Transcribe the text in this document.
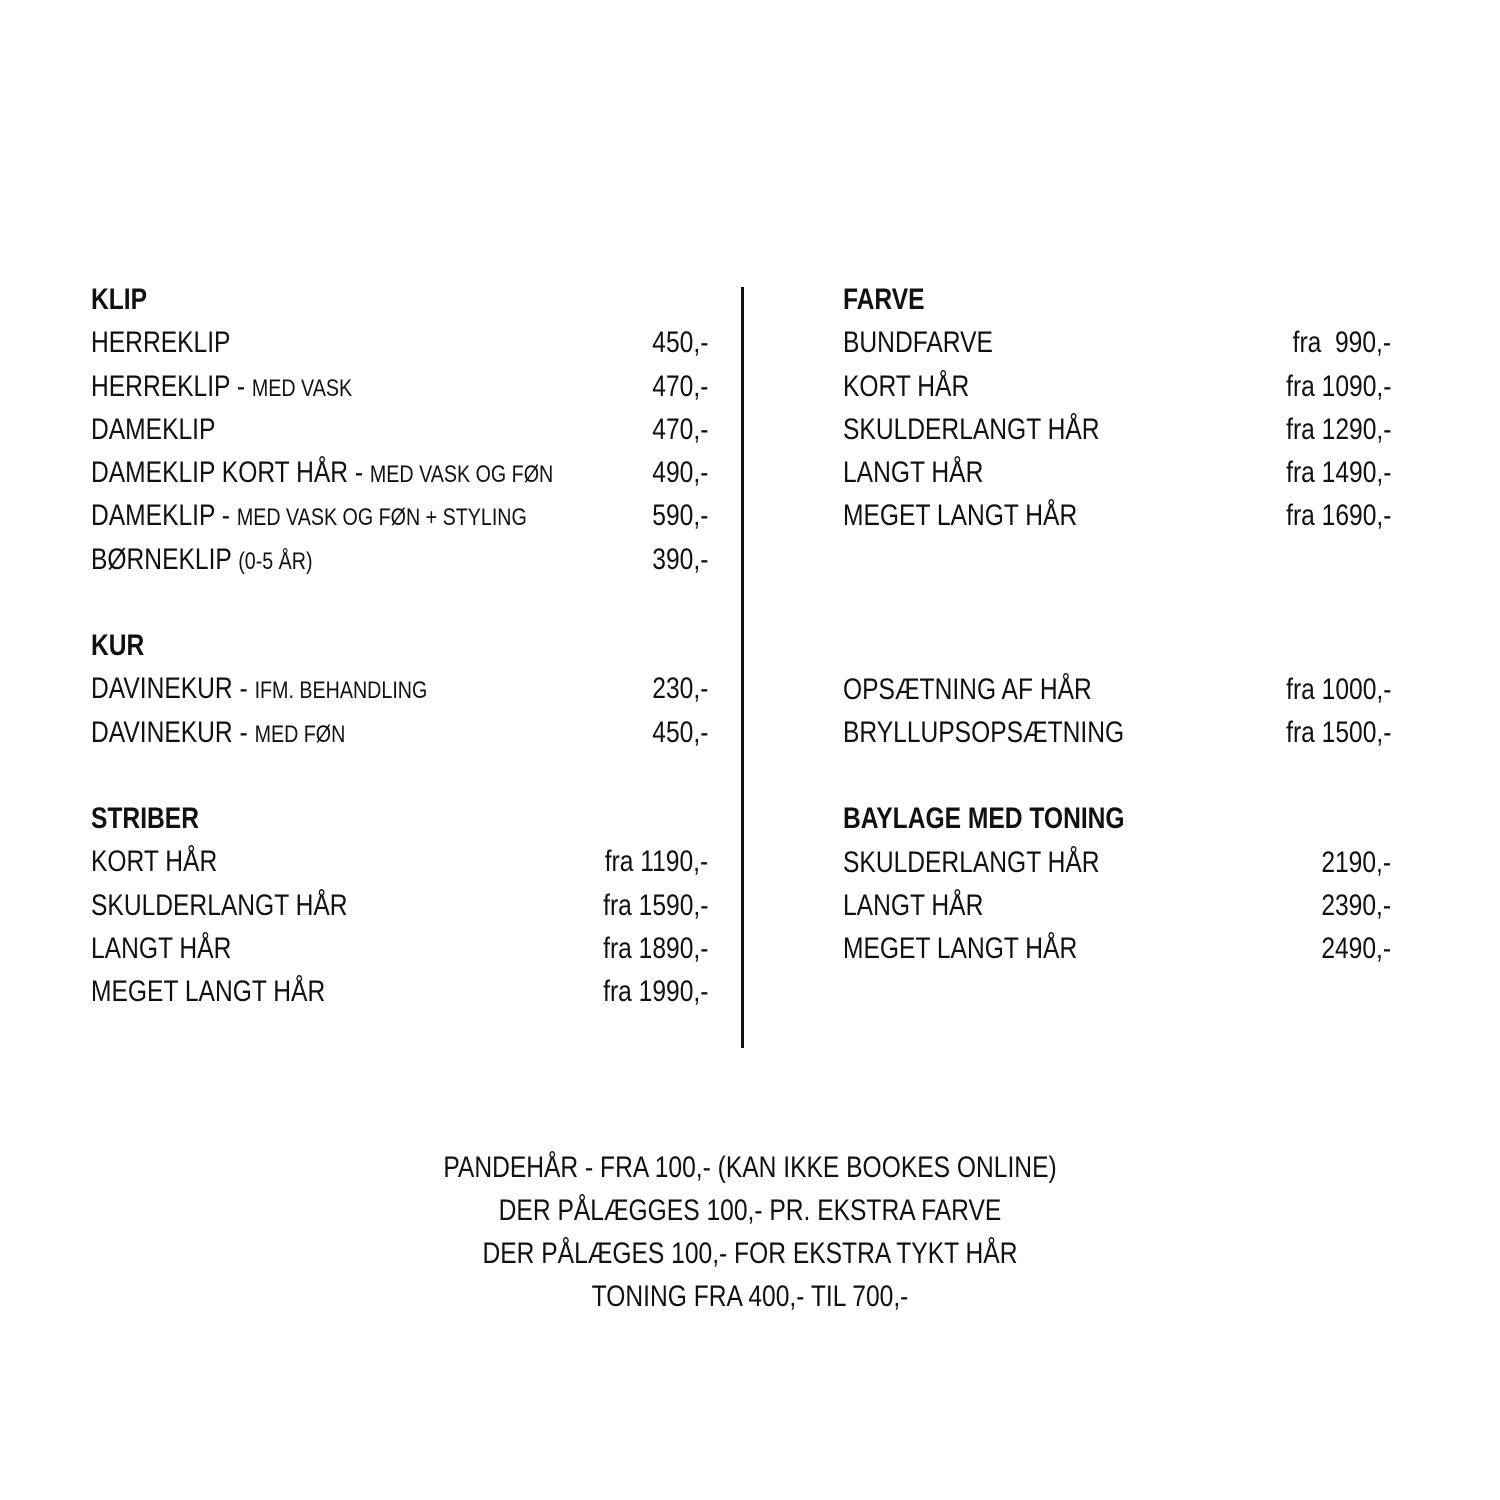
KLIP
HERREKLIP	450,-
HERREKLIP - MED VASK	470,-
DAMEKLIP	470,-
DAMEKLIP KORT HÅR - MED VASK OG FØN	490,-
DAMEKLIP - MED VASK OG FØN + STYLING	590,-
BØRNEKLIP (0-5 ÅR)	390,-
KUR
DAVINEKUR - IFM. BEHANDLING	230,-
DAVINEKUR - MED FØN	450,-
STRIBER
KORT HÅR	fra 1190,-
SKULDERLANGT HÅR	fra 1590,-
LANGT HÅR	fra 1890,-
MEGET LANGT HÅR	fra 1990,-
FARVE
BUNDFARVE	fra  990,-
KORT HÅR	fra 1090,-
SKULDERLANGT HÅR	fra 1290,-
LANGT HÅR	fra 1490,-
MEGET LANGT HÅR	fra 1690,-
OPSÆTNING AF HÅR	fra 1000,-
BRYLLUPSOPSÆTNING	fra 1500,-
BAYLAGE MED TONING
SKULDERLANGT HÅR	2190,-
LANGT HÅR	2390,-
MEGET LANGT HÅR	2490,-
PANDEHÅR - FRA 100,- (KAN IKKE BOOKES ONLINE)
DER PÅLÆGGES 100,- PR. EKSTRA FARVE
DER PÅLÆGES 100,- FOR EKSTRA TYKT HÅR
TONING FRA 400,- TIL 700,-
